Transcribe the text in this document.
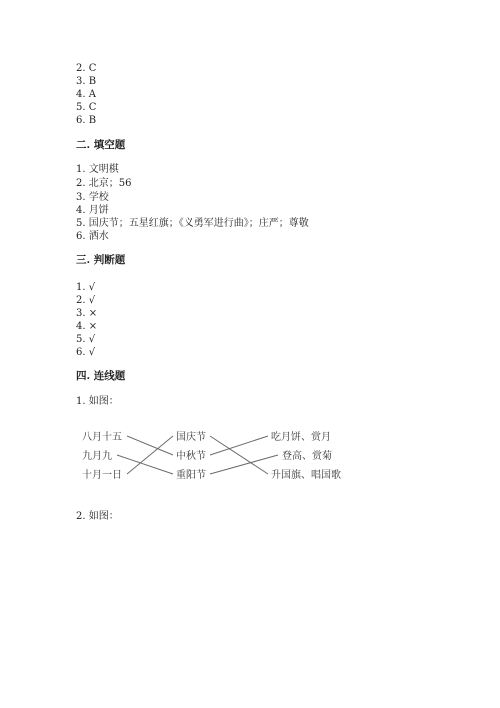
2. C
3. B
4. A
5. C
6. B
二. 填空题
1. 文明棋
2. 北京；56
3. 学校
4. 月饼
5. 国庆节；五星红旗；《义勇军进行曲》；庄严；尊敬
6. 洒水
三. 判断题
1. √
2. √
3. ×
4. ×
5. √
6. √
四. 连线题
1. 如图：
八月十五
九月九
十月一日
国庆节
中秋节
重阳节
吃月饼、赏月
登高、赏菊
升国旗、唱国歌
2. 如图：
